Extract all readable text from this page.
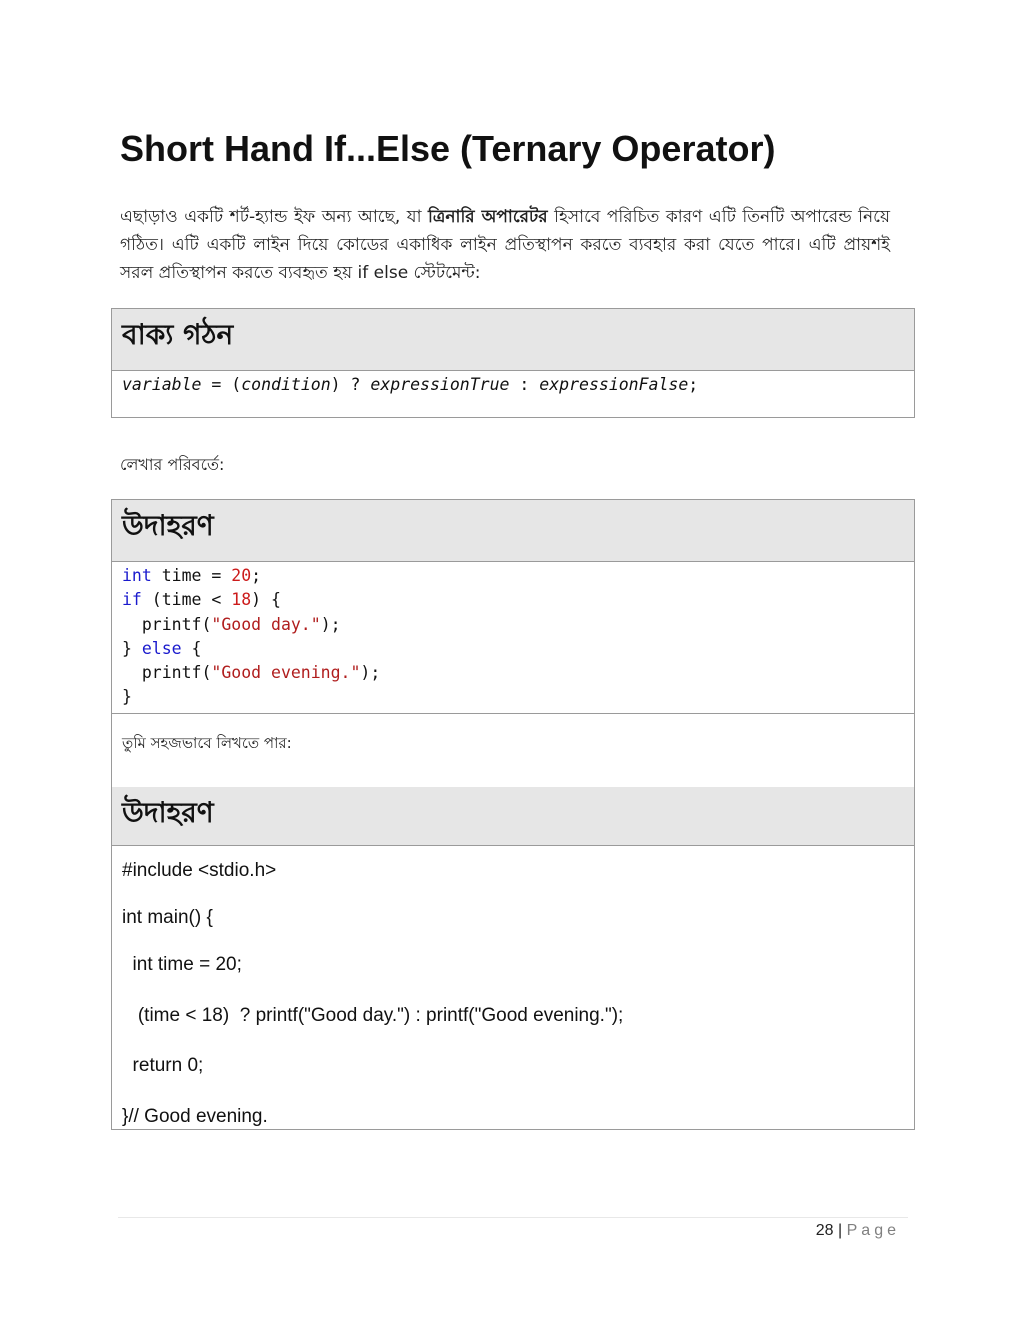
Short Hand If...Else (Ternary Operator)

এছাড়াও একটি শর্ট-হ্যান্ড ইফ অন্য আছে, যা ত্রিনারি অপারেটর হিসাবে পরিচিত কারণ এটি তিনটি অপারেন্ড নিয়ে গঠিত। এটি একটি লাইন দিয়ে কোডের একাধিক লাইন প্রতিস্থাপন করতে ব্যবহার করা যেতে পারে। এটি প্রায়শই সরল প্রতিস্থাপন করতে ব্যবহৃত হয় if else স্টেটমেন্ট:

বাক্য গঠন
variable = (condition) ? expressionTrue : expressionFalse;

লেখার পরিবর্তে:

উদাহরণ
int time = 20;
if (time < 18) {
printf("Good day.");
} else {
printf("Good evening.");
}
তুমি সহজভাবে লিখতে পার:
উদাহরণ
#include <stdio.h>
int main() {
int time = 20;
(time < 18)  ? printf("Good day.") : printf("Good evening.");
return 0;
}// Good evening.
28 | Page
